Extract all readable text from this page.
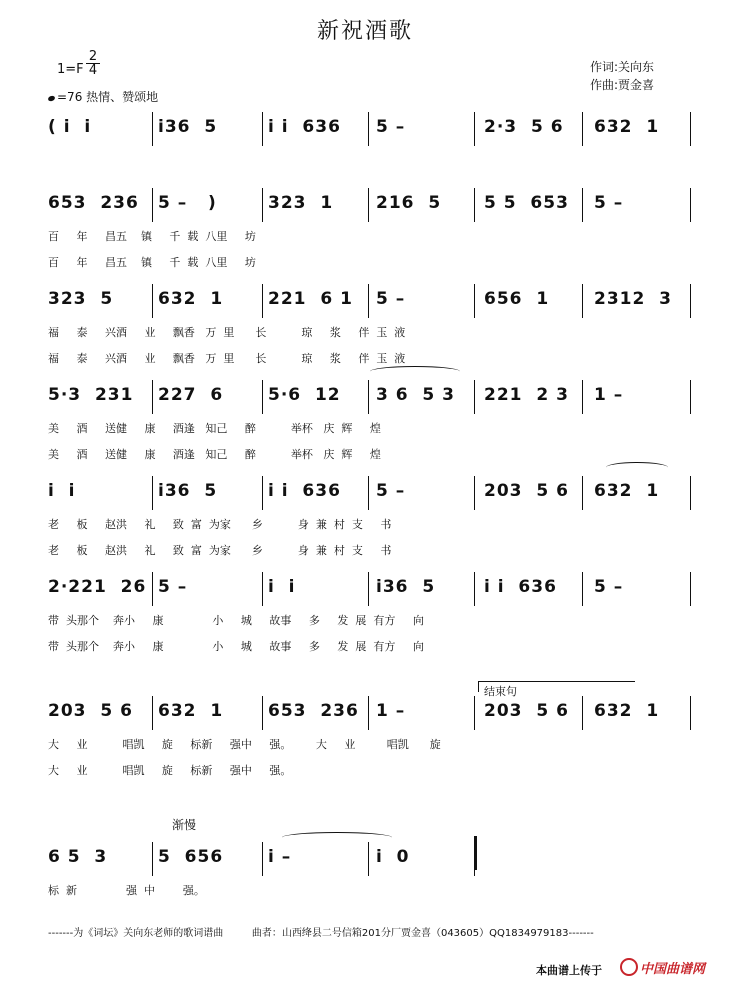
新祝酒歌
1=F
2
4
=76 热情、赞颂地
作词:关向东
作曲:贾金喜
( i  i	i36  5	i i  636 5 –	2·3  5 6 632  1
653  236 5 –   )	323  1	216  5	5 5  653 5 –
百     年     昌五    镇     千  载  八里     坊
百     年     昌五    镇     千  载  八里     坊
323  5	632  1	221  6 1 5 –	656  1	2312  3
福     泰     兴酒     业     飘香   万  里      长          琼     浆     伴  玉  液
福     泰     兴酒     业     飘香   万  里      长          琼     浆     伴  玉  液
5·3  231 227  6	5·6  12 3 6  5 3 221  2 3 1 –
美     酒     送健     康     酒逢   知己     醉          举杯   庆  辉     煌
美     酒     送健     康     酒逢   知己     醉          举杯   庆  辉     煌
i  i	i36  5	i i  636 5 –	203  5 6 632  1
老     板     赵洪     礼     致  富  为家      乡          身  兼  村  支     书
老     板     赵洪     礼     致  富  为家      乡          身  兼  村  支     书
2·221  26 5 –	i  i	i36  5	i i  636 5 –
带  头那个    奔小     康              小     城     故事     多     发  展  有方     向
带  头那个    奔小     康              小     城     故事     多     发  展  有方     向
203  5 6 632  1	653  236 1 –	203  5 6 632  1
大     业          唱凯     旋     标新     强中     强。       大     业         唱凯      旋
大     业          唱凯     旋     标新     强中     强。
6 5  3	5  656	i –	i  0
标  新              强  中        强。
结束句
渐慢
-------为《词坛》关向东老师的歌词谱曲         曲者：山西绛县二号信箱201分厂贾金喜（043605）QQ1834979183-------
本曲谱上传于	中国曲谱网
